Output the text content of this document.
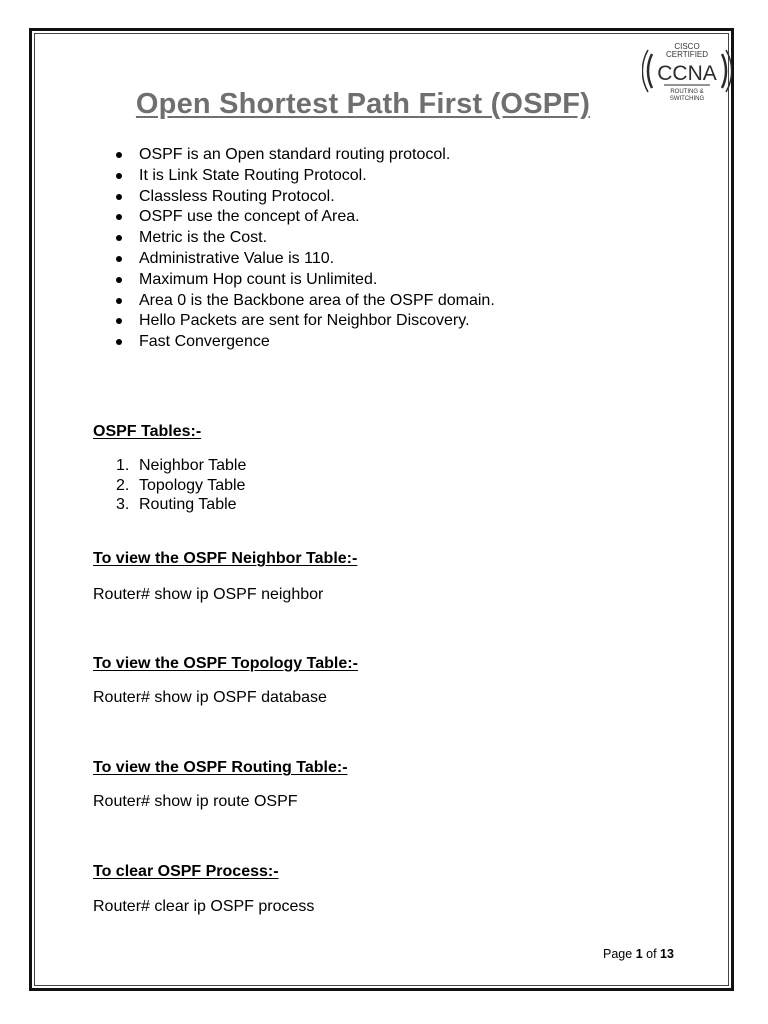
CISCO
CERTIFIED
CCNA
ROUTING &
SWITCHING
Open Shortest Path First (OSPF)
OSPF is an Open standard routing protocol.
It is Link State Routing Protocol.
Classless Routing Protocol.
OSPF use the concept of Area.
Metric is the Cost.
Administrative Value is 110.
Maximum Hop count is Unlimited.
Area 0 is the Backbone area of the OSPF domain.
Hello Packets are sent for Neighbor Discovery.
Fast Convergence
OSPF Tables:-
1. Neighbor Table
2. Topology Table
3. Routing Table
To view the OSPF Neighbor Table:-
Router# show ip OSPF neighbor
To view the OSPF Topology Table:-
Router# show ip OSPF database
To view the OSPF Routing Table:-
Router# show ip route OSPF
To clear OSPF Process:-
Router# clear ip OSPF process
Page 1 of 13
